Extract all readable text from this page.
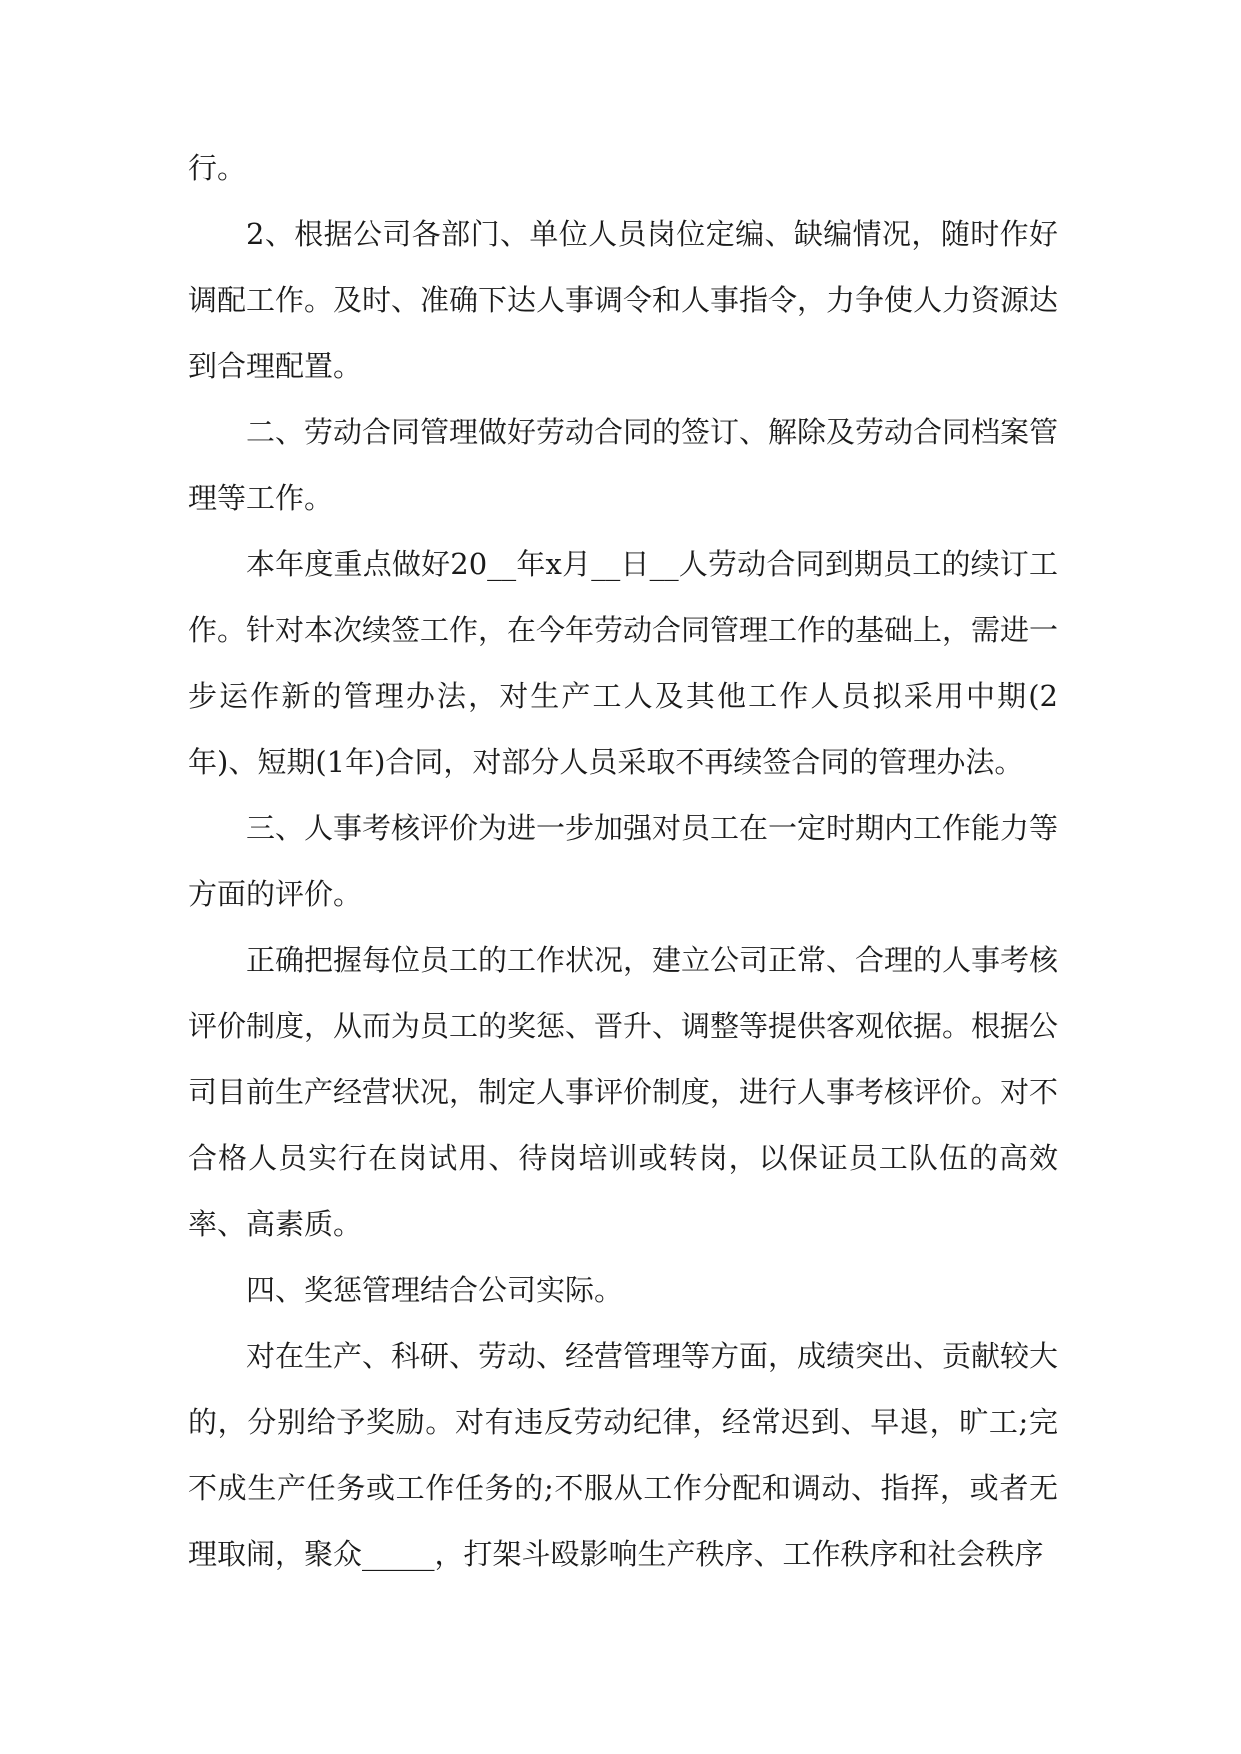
行。

2、根据公司各部门、单位人员岗位定编、缺编情况，随时作好调配工作。及时、准确下达人事调令和人事指令，力争使人力资源达到合理配置。

二、劳动合同管理做好劳动合同的签订、解除及劳动合同档案管理等工作。

本年度重点做好20__年x月__日__人劳动合同到期员工的续订工作。针对本次续签工作，在今年劳动合同管理工作的基础上，需进一步运作新的管理办法，对生产工人及其他工作人员拟采用中期(2年)、短期(1年)合同，对部分人员采取不再续签合同的管理办法。

三、人事考核评价为进一步加强对员工在一定时期内工作能力等方面的评价。

正确把握每位员工的工作状况，建立公司正常、合理的人事考核评价制度，从而为员工的奖惩、晋升、调整等提供客观依据。根据公司目前生产经营状况，制定人事评价制度，进行人事考核评价。对不合格人员实行在岗试用、待岗培训或转岗，以保证员工队伍的高效率、高素质。

四、奖惩管理结合公司实际。

对在生产、科研、劳动、经营管理等方面，成绩突出、贡献较大的，分别给予奖励。对有违反劳动纪律，经常迟到、早退，旷工;完不成生产任务或工作任务的;不服从工作分配和调动、指挥，或者无理取闹，聚众_____，打架斗殴影响生产秩序、工作秩序和社会秩序
